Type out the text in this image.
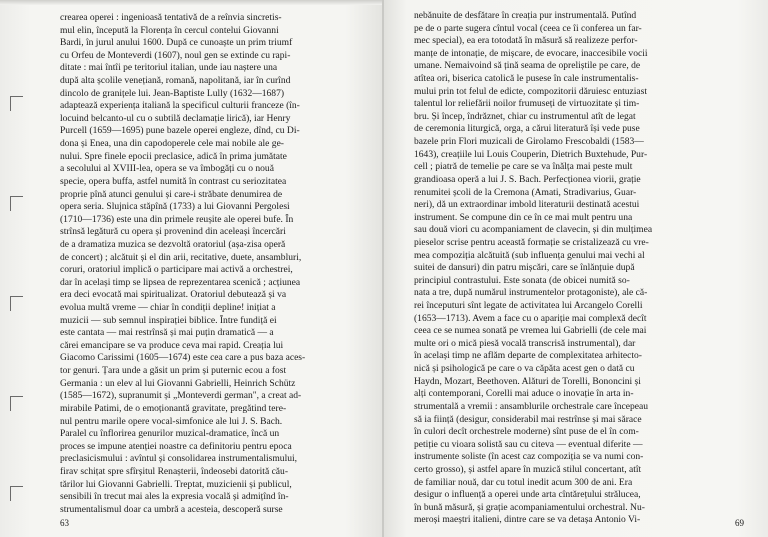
crearea operei : ingenioasă tentativă de a reînvia sincretis-
mul elin, începută la Florența în cercul contelui Giovanni
Bardi, în jurul anului 1600. După ce cunoaște un prim triumf
cu Orfeu de Monteverdi (1607), noul gen se extinde cu rapi-
ditate : mai întîi pe teritoriul italian, unde iau naștere una
după alta școlile venețiană, romană, napolitană, iar în curînd
dincolo de granițele lui. Jean-Baptiste Lully (1632—1687)
adaptează experiența italiană la specificul culturii franceze (în-
locuind belcanto-ul cu o subtilă declamație lirică), iar Henry
Purcell (1659—1695) pune bazele operei engleze, dînd, cu Di-
dona și Enea, una din capodoperele cele mai nobile ale ge-
nului. Spre finele epocii preclasice, adică în prima jumătate
a secolului al XVIII-lea, opera se va îmbogăți cu o nouă
specie, opera buffa, astfel numită în contrast cu seriozitatea
proprie pînă atunci genului și care-i străbate denumirea de
opera seria. Slujnica stăpînă (1733) a lui Giovanni Pergolesi
(1710—1736) este una din primele reușite ale operei bufe. În
strînsă legătură cu opera și provenind din aceleași încercări
de a dramatiza muzica se dezvoltă oratoriul (așa-zisa operă
de concert) ; alcătuit și el din arii, recitative, duete, ansambluri,
coruri, oratoriul implică o participare mai activă a orchestrei,
dar în același timp se lipsea de reprezentarea scenică ; acțiunea
era deci evocată mai spiritualizat. Oratoriul debutează și va
evolua multă vreme — chiar în condiții depline! inițiat a
muzicii — sub semnul inspirației biblice. Între fundiță ei
este cantata — mai restrînsă și mai puțin dramatică — a
cărei emancipare se va produce ceva mai rapid. Creația lui
Giacomo Carissimi (1605—1674) este cea care a pus baza aces-
tor genuri. Țara unde a găsit un prim și puternic ecou a fost
Germania : un elev al lui Giovanni Gabrielli, Heinrich Schütz
(1585—1672), supranumit și „Monteverdi german", a creat ad-
mirabile Patimi, de o emoționantă gravitate, pregătind tere-
nul pentru marile opere vocal-simfonice ale lui J. S. Bach.
Paralel cu înflorirea genurilor muzical-dramatice, încă un
proces se impune atenției noastre ca definitoriu pentru epoca
preclasicismului : avîntul și consolidarea instrumentalismului,
firav schițat spre sfîrșitul Renașterii, îndeosebi datorită cău-
tărilor lui Giovanni Gabrielli. Treptat, muzicienii și publicul,
sensibili în trecut mai ales la expresia vocală și admițînd în-
strumentalismul doar ca umbră a acesteia, descoperă surse
63
nebănuite de desfătare în creația pur instrumentală. Putînd
pe de o parte sugera cîntul vocal (ceea ce îi conferea un far-
mec special), ea era totodată în măsură să realizeze perfor-
manțe de intonație, de mișcare, de evocare, inaccesibile vocii
umane. Nemaivoind să țină seama de opreliștile pe care, de
atîtea ori, biserica catolică le pusese în cale instrumentalis-
mului prin tot felul de edicte, compozitorii dăruiesc entuziast
talentul lor reliefării noilor frumuseți de virtuozitate și tim-
bru. Și încep, îndrăznet, chiar cu instrumentul atît de legat
de ceremonia liturgică, orga, a cărui literatură își vede puse
bazele prin Flori muzicali de Girolamo Frescobaldi (1583—
1643), creațiile lui Louis Couperin, Dietrich Buxtehude, Pur-
cell ; piatră de temelie pe care se va înălța mai peste mult
grandioasa operă a lui J. S. Bach. Perfecționea viorii, grație
renumitei școli de la Cremona (Amati, Stradivarius, Guar-
neri), dă un extraordinar imbold literaturii destinată acestui
instrument. Se compune din ce în ce mai mult pentru una
sau două viori cu acompaniament de clavecin, și din mulțimea
pieselor scrise pentru această formație se cristalizează cu vre-
mea compoziția alcătuită (sub influența genului mai vechi al
suitei de dansuri) din patru mișcări, care se înlănțuie după
principiul contrastului. Este sonata (de obicei numită so-
nata a tre, după numărul instrumentelor protagoniste), ale că-
rei începuturi sînt legate de activitatea lui Arcangelo Corelli
(1653—1713). Avem a face cu o apariție mai complexă decît
ceea ce se numea sonată pe vremea lui Gabrielli (de cele mai
multe ori o mică piesă vocală transcrisă instrumental), dar
în același timp ne aflăm departe de complexitatea arhitecto-
nică și psihologică pe care o va căpăta acest gen o dată cu
Haydn, Mozart, Beethoven. Alături de Torelli, Bononcini și
alți contemporani, Corelli mai aduce o inovație în arta in-
strumentală a vremii : ansamblurile orchestrale care începeau
să ia ființă (desigur, considerabil mai restrînse și mai sărace
în culori decît orchestrele moderne) sînt puse de el în com-
petiție cu vioara solistă sau cu citeva — eventual diferite —
instrumente soliste (în acest caz compoziția se va numi con-
certo grosso), și astfel apare în muzică stilul concertant, atît
de familiar nouă, dar cu totul inedit acum 300 de ani. Era
desigur o influență a operei unde arta cîntărețului străluceа,
în bună măsură, și grație acompaniamentului orchestral. Nu-
meroși maeștri italieni, dintre care se va detașa Antonio Vi-	69
